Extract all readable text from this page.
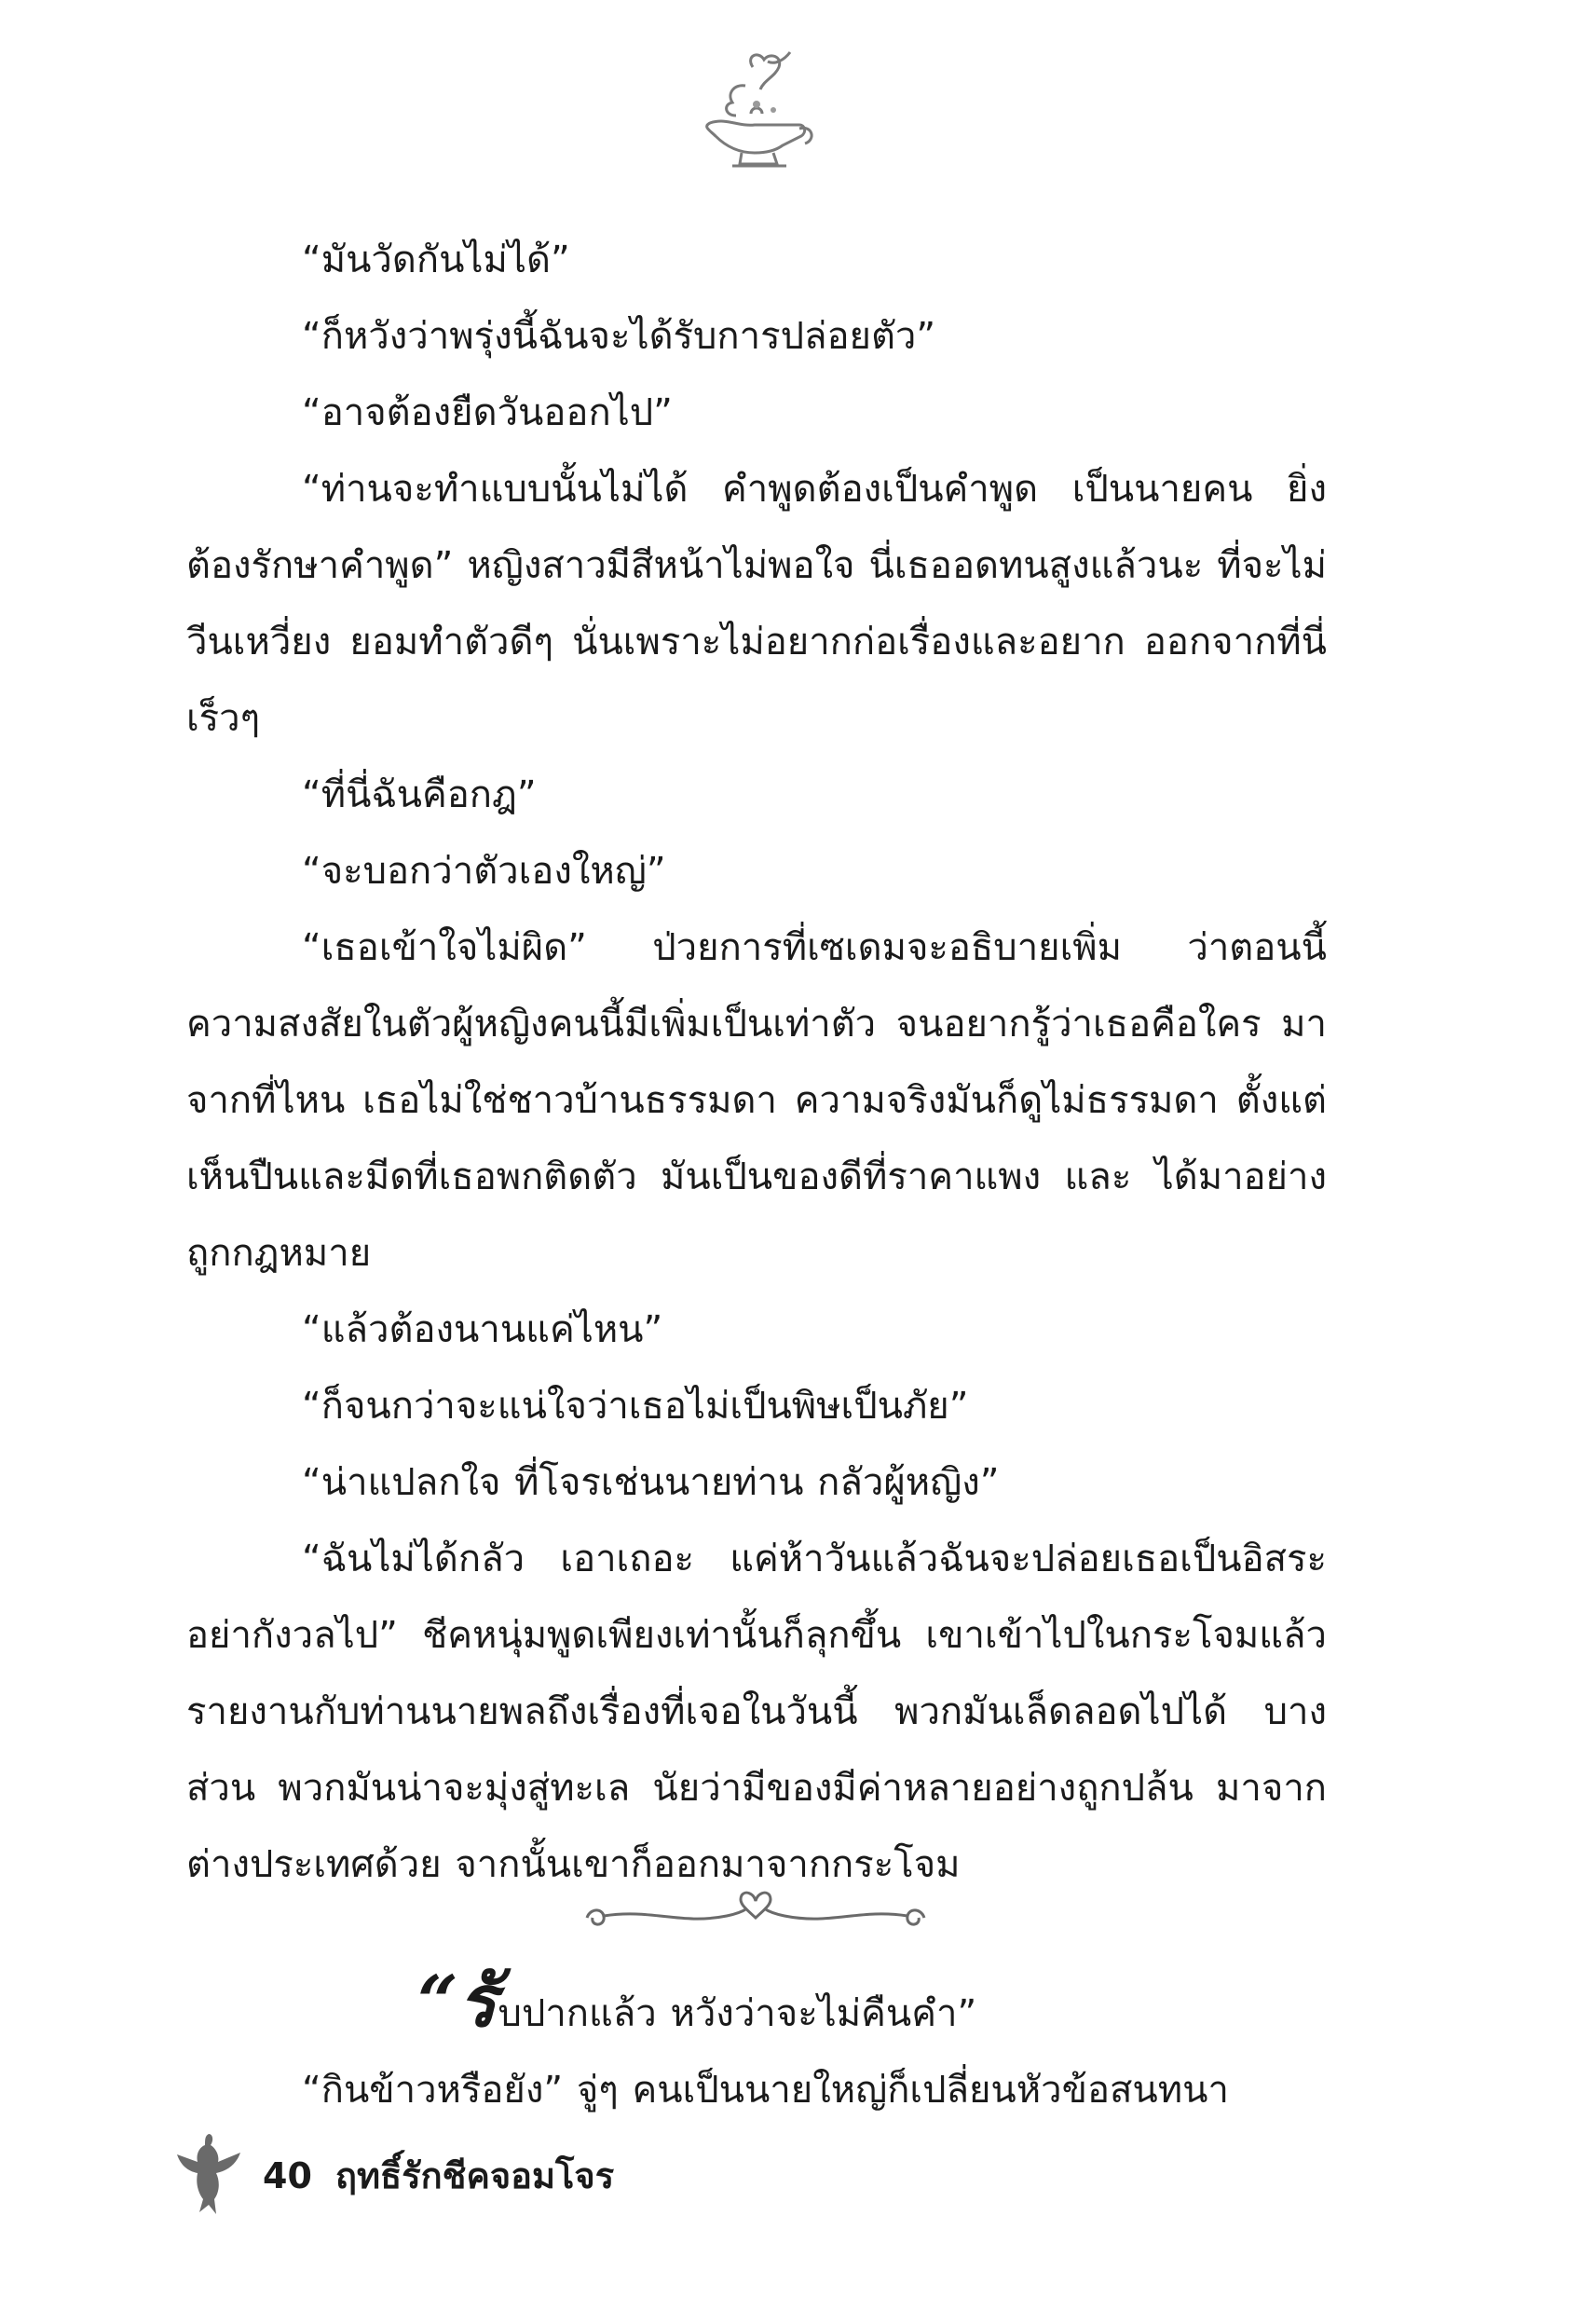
“มันวัดกันไม่ได้”

“ก็หวังว่าพรุ่งนี้ฉันจะได้รับการปล่อยตัว”

“อาจต้องยืดวันออกไป”

“ท่านจะทำแบบนั้นไม่ได้ คำพูดต้องเป็นคำพูด เป็นนายคน ยิ่งต้องรักษาคำพูด” หญิงสาวมีสีหน้าไม่พอใจ นี่เธออดทนสูงแล้วนะ ที่จะไม่วีนเหวี่ยง ยอมทำตัวดีๆ นั่นเพราะไม่อยากก่อเรื่องและอยาก ออกจากที่นี่เร็วๆ

“ที่นี่ฉันคือกฎ”

“จะบอกว่าตัวเองใหญ่”

“เธอเข้าใจไม่ผิด” ป่วยการที่เซเดมจะอธิบายเพิ่ม ว่าตอนนี้ ความสงสัยในตัวผู้หญิงคนนี้มีเพิ่มเป็นเท่าตัว จนอยากรู้ว่าเธอคือใคร มาจากที่ไหน เธอไม่ใช่ชาวบ้านธรรมดา ความจริงมันก็ดูไม่ธรรมดา ตั้งแต่เห็นปืนและมีดที่เธอพกติดตัว มันเป็นของดีที่ราคาแพง และ ได้มาอย่างถูกกฎหมาย

“แล้วต้องนานแค่ไหน”

“ก็จนกว่าจะแน่ใจว่าเธอไม่เป็นพิษเป็นภัย”

“น่าแปลกใจ ที่โจรเช่นนายท่าน กลัวผู้หญิง”

“ฉันไม่ได้กลัว เอาเถอะ แค่ห้าวันแล้วฉันจะปล่อยเธอเป็นอิสระ อย่ากังวลไป” ชีคหนุ่มพูดเพียงเท่านั้นก็ลุกขึ้น เขาเข้าไปในกระโจมแล้ว รายงานกับท่านนายพลถึงเรื่องที่เจอในวันนี้ พวกมันเล็ดลอดไปได้ บางส่วน พวกมันน่าจะมุ่งสู่ทะเล นัยว่ามีของมีค่าหลายอย่างถูกปล้น มาจากต่างประเทศด้วย จากนั้นเขาก็ออกมาจากกระโจม

“รับปากแล้ว หวังว่าจะไม่คืนคำ”

“กินข้าวหรือยัง” จู่ๆ คนเป็นนายใหญ่ก็เปลี่ยนหัวข้อสนทนา

40 ฤทธิ์รักชีคจอมโจร
